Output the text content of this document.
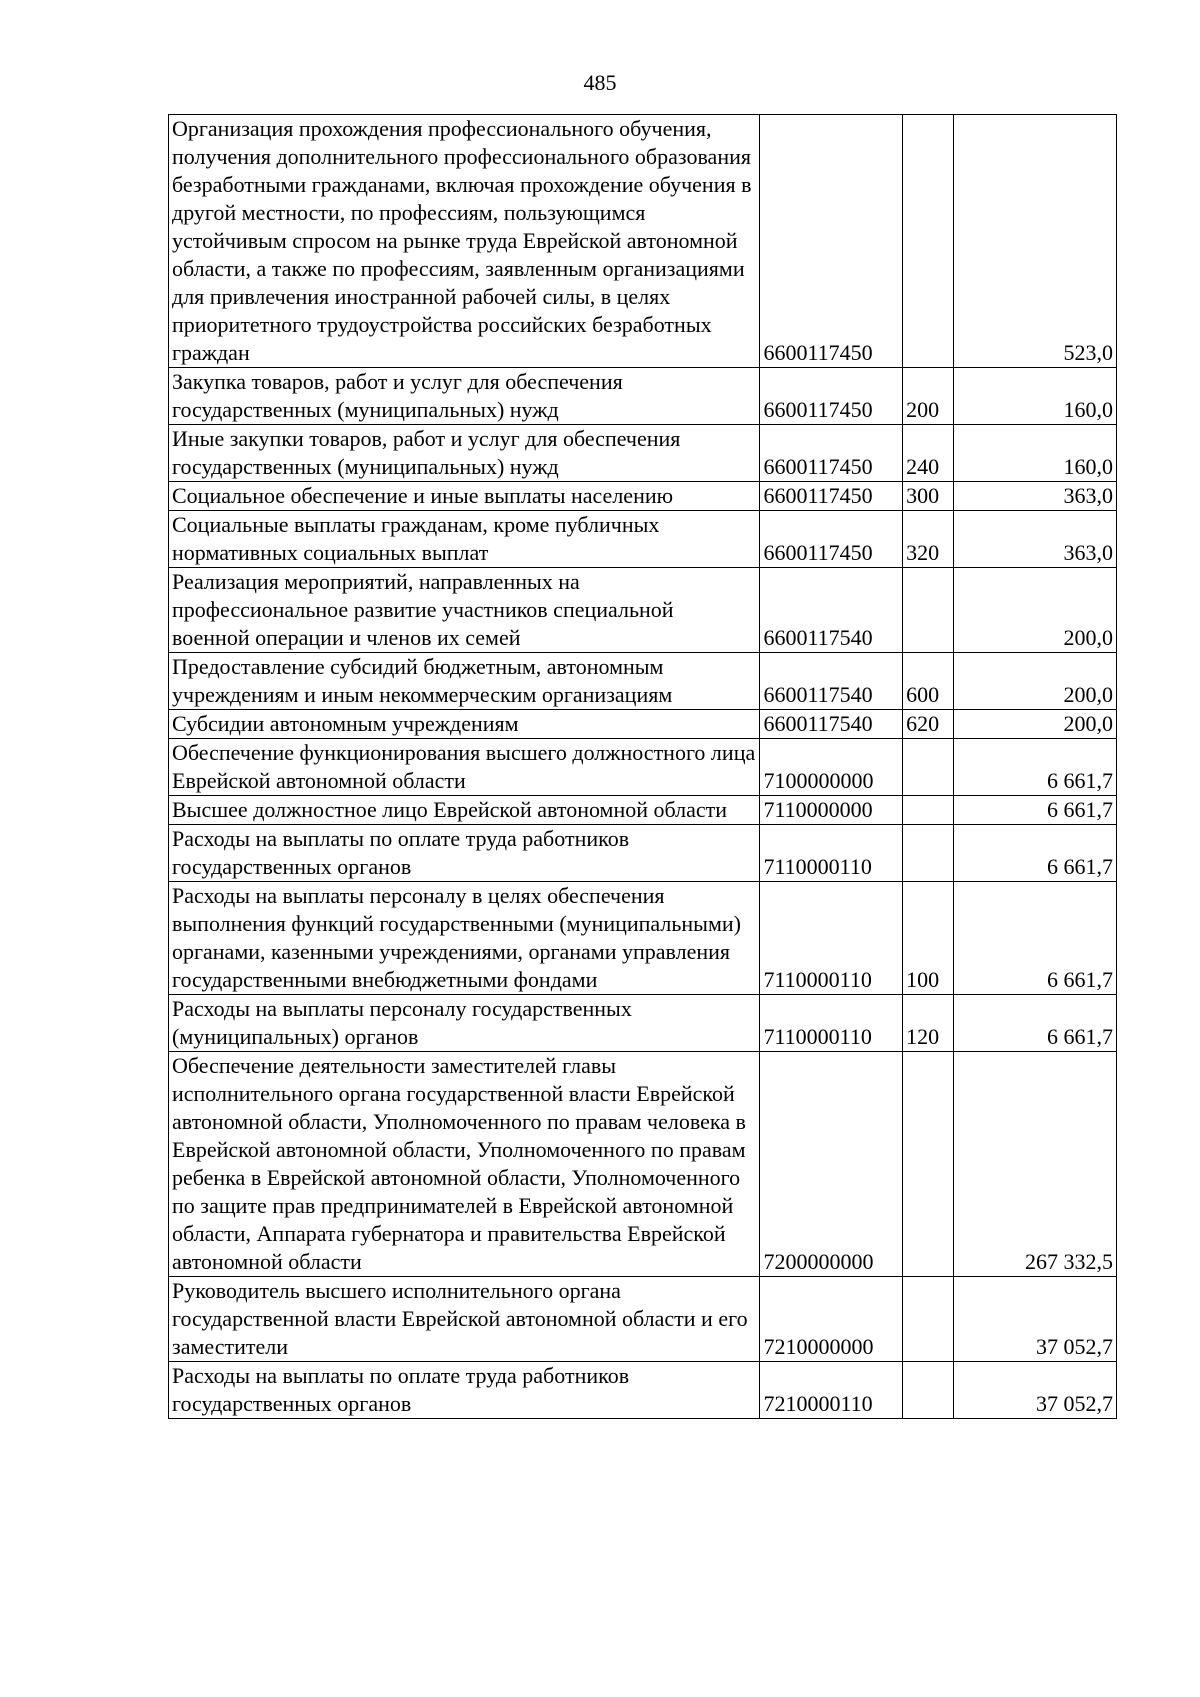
485
Организация прохождения профессионального обучения, получения дополнительного профессионального образования безработными гражданами, включая прохождение обучения в другой местности, по профессиям, пользующимся устойчивым спросом на рынке труда Еврейской автономной области, а также по профессиям, заявленным организациями для привлечения иностранной рабочей силы, в целях приоритетного трудоустройства российских безработных граждан	6600117450		523,0
Закупка товаров, работ и услуг для обеспечения государственных (муниципальных) нужд	6600117450	200	160,0
Иные закупки товаров, работ и услуг для обеспечения государственных (муниципальных) нужд	6600117450	240	160,0
Социальное обеспечение и иные выплаты населению	6600117450	300	363,0
Социальные выплаты гражданам, кроме публичных нормативных социальных выплат	6600117450	320	363,0
Реализация мероприятий, направленных на профессиональное развитие участников специальной военной операции и членов их семей	6600117540		200,0
Предоставление субсидий бюджетным, автономным учреждениям и иным некоммерческим организациям	6600117540	600	200,0
Субсидии автономным учреждениям	6600117540	620	200,0
Обеспечение функционирования высшего должностного лица Еврейской автономной области	7100000000		6 661,7
Высшее должностное лицо Еврейской автономной области	7110000000		6 661,7
Расходы на выплаты по оплате труда работников государственных органов	7110000110		6 661,7
Расходы на выплаты персоналу в целях обеспечения выполнения функций государственными (муниципальными) органами, казенными учреждениями, органами управления государственными внебюджетными фондами	7110000110	100	6 661,7
Расходы на выплаты персоналу государственных (муниципальных) органов	7110000110	120	6 661,7
Обеспечение деятельности заместителей главы исполнительного органа государственной власти Еврейской автономной области, Уполномоченного по правам человека в Еврейской автономной области, Уполномоченного по правам ребенка в Еврейской автономной области, Уполномоченного по защите прав предпринимателей в Еврейской автономной области, Аппарата губернатора и правительства Еврейской автономной области	7200000000		267 332,5
Руководитель высшего исполнительного органа государственной власти Еврейской автономной области и его заместители	7210000000		37 052,7
Расходы на выплаты по оплате труда работников государственных органов	7210000110		37 052,7
